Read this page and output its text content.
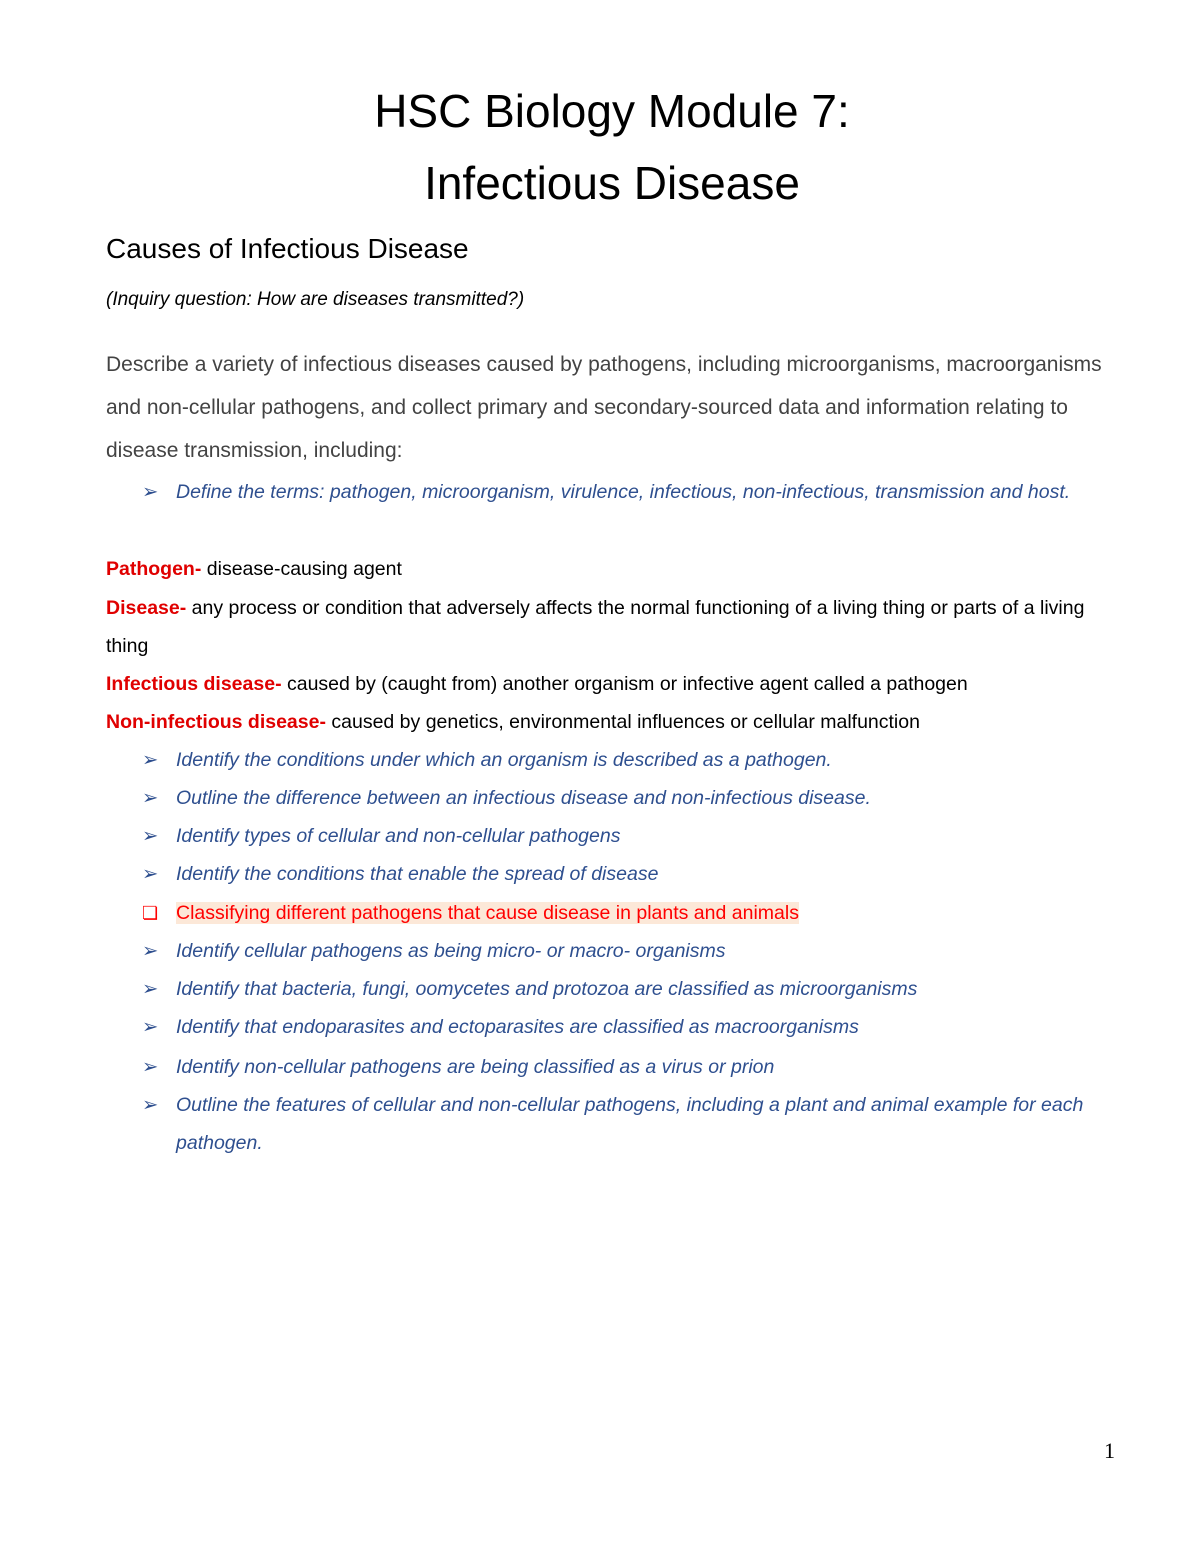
HSC Biology Module 7:
Infectious Disease
Causes of Infectious Disease
(Inquiry question: How are diseases transmitted?)

Describe a variety of infectious diseases caused by pathogens, including microorganisms, macroorganisms and non-cellular pathogens, and collect primary and secondary-sourced data and information relating to disease transmission, including:

➢ Define the terms: pathogen, microorganism, virulence, infectious, non-infectious, transmission and host.

Pathogen- disease-causing agent

Disease- any process or condition that adversely affects the normal functioning of a living thing or parts of a living thing

Infectious disease- caused by (caught from) another organism or infective agent called a pathogen

Non-infectious disease- caused by genetics, environmental influences or cellular malfunction

➢ Identify the conditions under which an organism is described as a pathogen.
➢ Outline the difference between an infectious disease and non-infectious disease.
➢ Identify types of cellular and non-cellular pathogens
➢ Identify the conditions that enable the spread of disease
❏ Classifying different pathogens that cause disease in plants and animals
➢ Identify cellular pathogens as being micro- or macro- organisms
➢ Identify that bacteria, fungi, oomycetes and protozoa are classified as microorganisms
➢ Identify that endoparasites and ectoparasites are classified as macroorganisms
➢ Identify non-cellular pathogens are being classified as a virus or prion
➢ Outline the features of cellular and non-cellular pathogens, including a plant and animal example for each pathogen.
1
